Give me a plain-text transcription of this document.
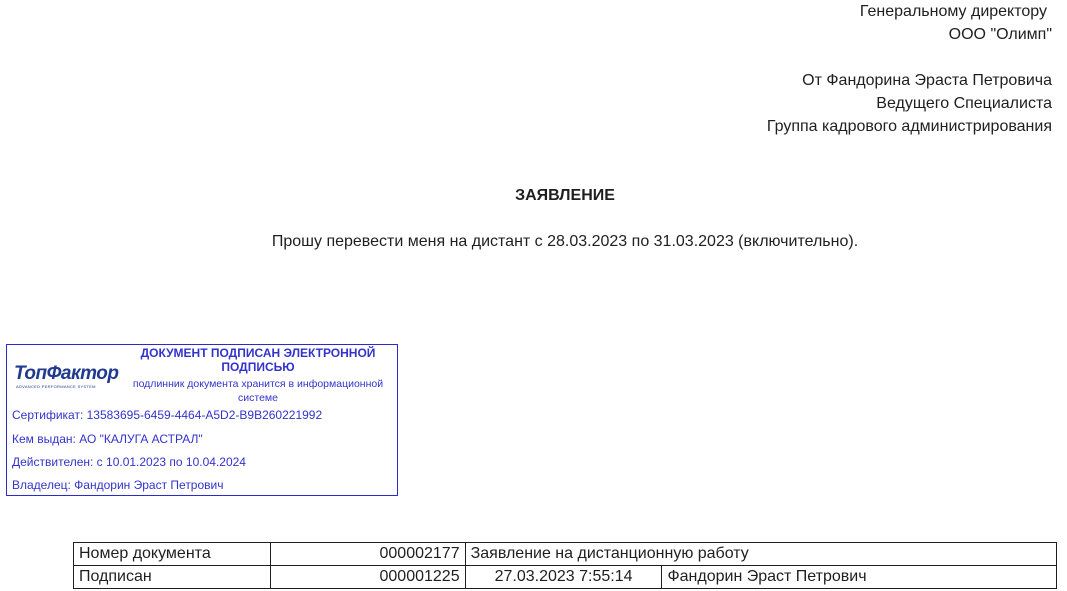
Генеральному директору
ООО "Олимп"
От Фандорина Эраста Петровича
Ведущего Специалиста
Группа кадрового администрирования
ЗАЯВЛЕНИЕ
Прошу перевести меня на дистант с 28.03.2023 по 31.03.2023 (включительно).
ТопФактор
ADVANCED PERFORMANCE SYSTEM
ДОКУМЕНТ ПОДПИСАН ЭЛЕКТРОННОЙ
ПОДПИСЬЮ
подлинник документа хранится в информационной
системе
Сертификат: 13583695-6459-4464-A5D2-B9B260221992
Кем выдан: АО "КАЛУГА АСТРАЛ"
Действителен: с 10.01.2023 по 10.04.2024
Владелец: Фандорин Эраст Петрович
Номер документа	000002177	Заявление на дистанционную работу	
Подписан	000001225	27.03.2023 7:55:14	Фандорин Эраст Петрович
